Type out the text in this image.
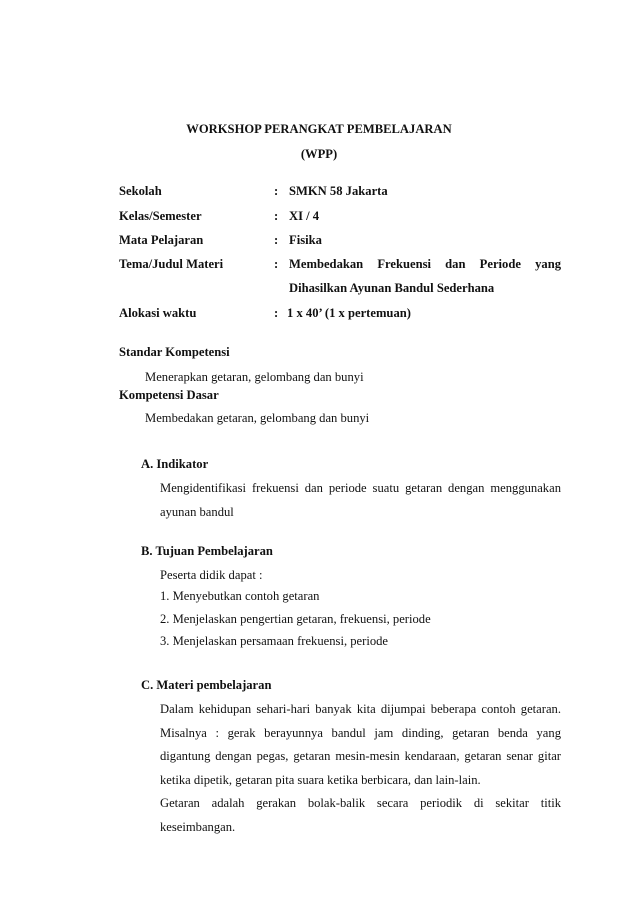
WORKSHOP PERANGKAT PEMBELAJARAN
(WPP)
Sekolah	: SMKN 58 Jakarta
Kelas/Semester	: XI / 4
Mata Pelajaran	: Fisika
Tema/Judul Materi	: Membedakan Frekuensi dan Periode yang
Dihasilkan Ayunan Bandul Sederhana
Alokasi waktu	: 1 x 40’ (1 x pertemuan)
Standar Kompetensi
Menerapkan getaran, gelombang dan bunyi
Kompetensi Dasar
Membedakan getaran, gelombang dan bunyi
A. Indikator
Mengidentifikasi frekuensi dan periode suatu getaran dengan menggunakan
ayunan bandul
B. Tujuan Pembelajaran
Peserta didik dapat :
1. Menyebutkan contoh getaran
2. Menjelaskan pengertian getaran, frekuensi, periode
3. Menjelaskan persamaan frekuensi, periode
C. Materi pembelajaran
Dalam kehidupan sehari-hari banyak kita dijumpai beberapa contoh getaran.
Misalnya : gerak berayunnya bandul jam dinding, getaran benda yang
digantung dengan pegas, getaran mesin-mesin kendaraan, getaran senar gitar
ketika dipetik, getaran pita suara ketika berbicara, dan lain-lain.
Getaran adalah gerakan bolak-balik secara periodik di sekitar titik
keseimbangan.
